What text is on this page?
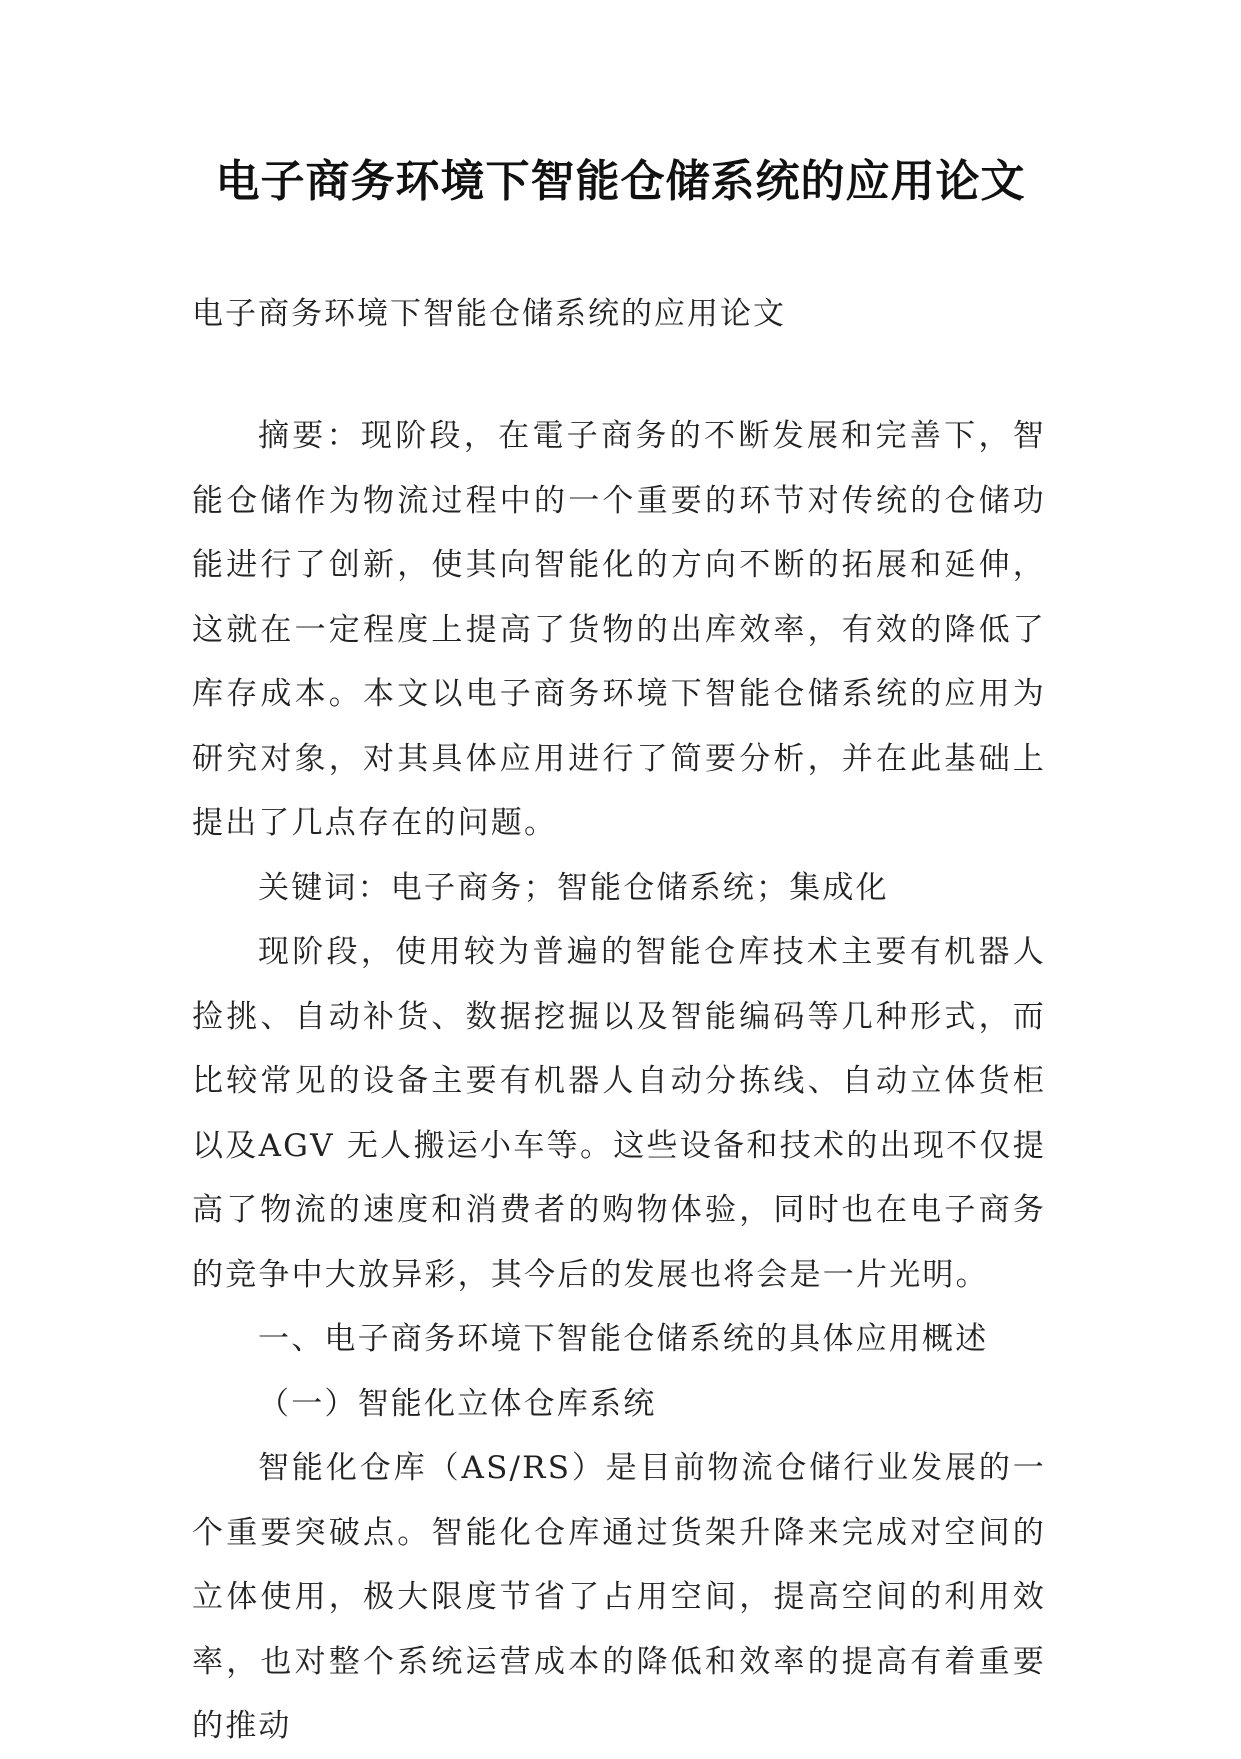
电子商务环境下智能仓储系统的应用论文
电子商务环境下智能仓储系统的应用论文

摘要：现阶段，在電子商务的不断发展和完善下，智能仓储作为物流过程中的一个重要的环节对传统的仓储功能进行了创新，使其向智能化的方向不断的拓展和延伸，这就在一定程度上提高了货物的出库效率，有效的降低了库存成本。本文以电子商务环境下智能仓储系统的应用为研究对象，对其具体应用进行了简要分析，并在此基础上提出了几点存在的问题。

关键词：电子商务；智能仓储系统；集成化

现阶段，使用较为普遍的智能仓库技术主要有机器人捡挑、自动补货、数据挖掘以及智能编码等几种形式，而比较常见的设备主要有机器人自动分拣线、自动立体货柜以及AGV 无人搬运小车等。这些设备和技术的出现不仅提高了物流的速度和消费者的购物体验，同时也在电子商务的竞争中大放异彩，其今后的发展也将会是一片光明。

一、电子商务环境下智能仓储系统的具体应用概述

（一）智能化立体仓库系统

智能化仓库（AS/RS）是目前物流仓储行业发展的一个重要突破点。智能化仓库通过货架升降来完成对空间的立体使用，极大限度节省了占用空间，提高空间的利用效率，也对整个系统运营成本的降低和效率的提高有着重要的推动
